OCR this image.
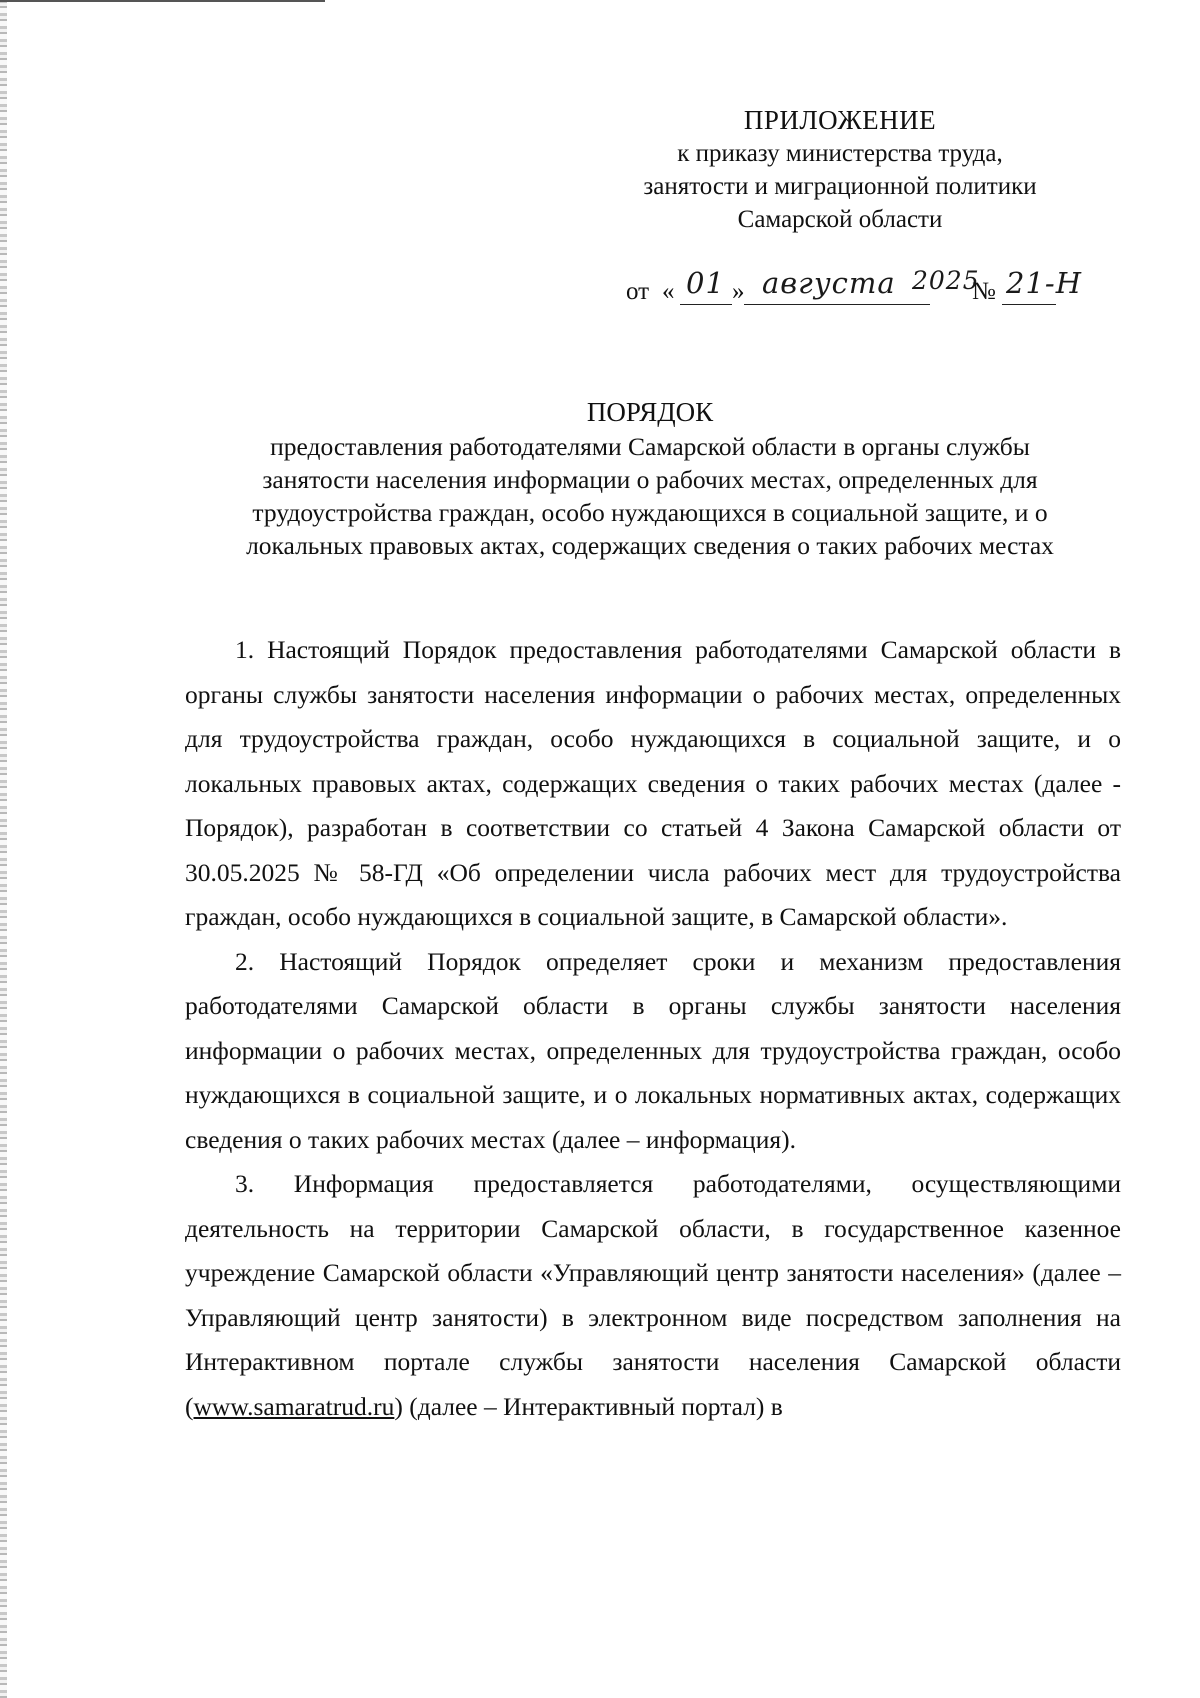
ПРИЛОЖЕНИЕ
к приказу министерства труда,
занятости и миграционной политики
Самарской области
от « 01 » августа 2025
№ 21-Н
ПОРЯДОК
предоставления работодателями Самарской области в органы службы
занятости населения информации о рабочих местах, определенных для
трудоустройства граждан, особо нуждающихся в социальной защите, и о
локальных правовых актах, содержащих сведения о таких рабочих местах

1. Настоящий Порядок предоставления работодателями Самарской области в органы службы занятости населения информации о рабочих местах, определенных для трудоустройства граждан, особо нуждающихся в социальной защите, и о локальных правовых актах, содержащих сведения о таких рабочих местах (далее - Порядок), разработан в соответствии со статьей 4 Закона Самарской области от 30.05.2025 № 58-ГД «Об определении числа рабочих мест для трудоустройства граждан, особо нуждающихся в социальной защите, в Самарской области».

2. Настоящий Порядок определяет сроки и механизм предоставления работодателями Самарской области в органы службы занятости населения информации о рабочих местах, определенных для трудоустройства граждан, особо нуждающихся в социальной защите, и о локальных нормативных актах, содержащих сведения о таких рабочих местах (далее – информация).

3. Информация предоставляется работодателями, осуществляющими деятельность на территории Самарской области, в государственное казенное учреждение Самарской области «Управляющий центр занятости населения» (далее – Управляющий центр занятости) в электронном виде посредством заполнения на Интерактивном портале службы занятости населения Самарской области (www.samaratrud.ru) (далее – Интерактивный портал) в
